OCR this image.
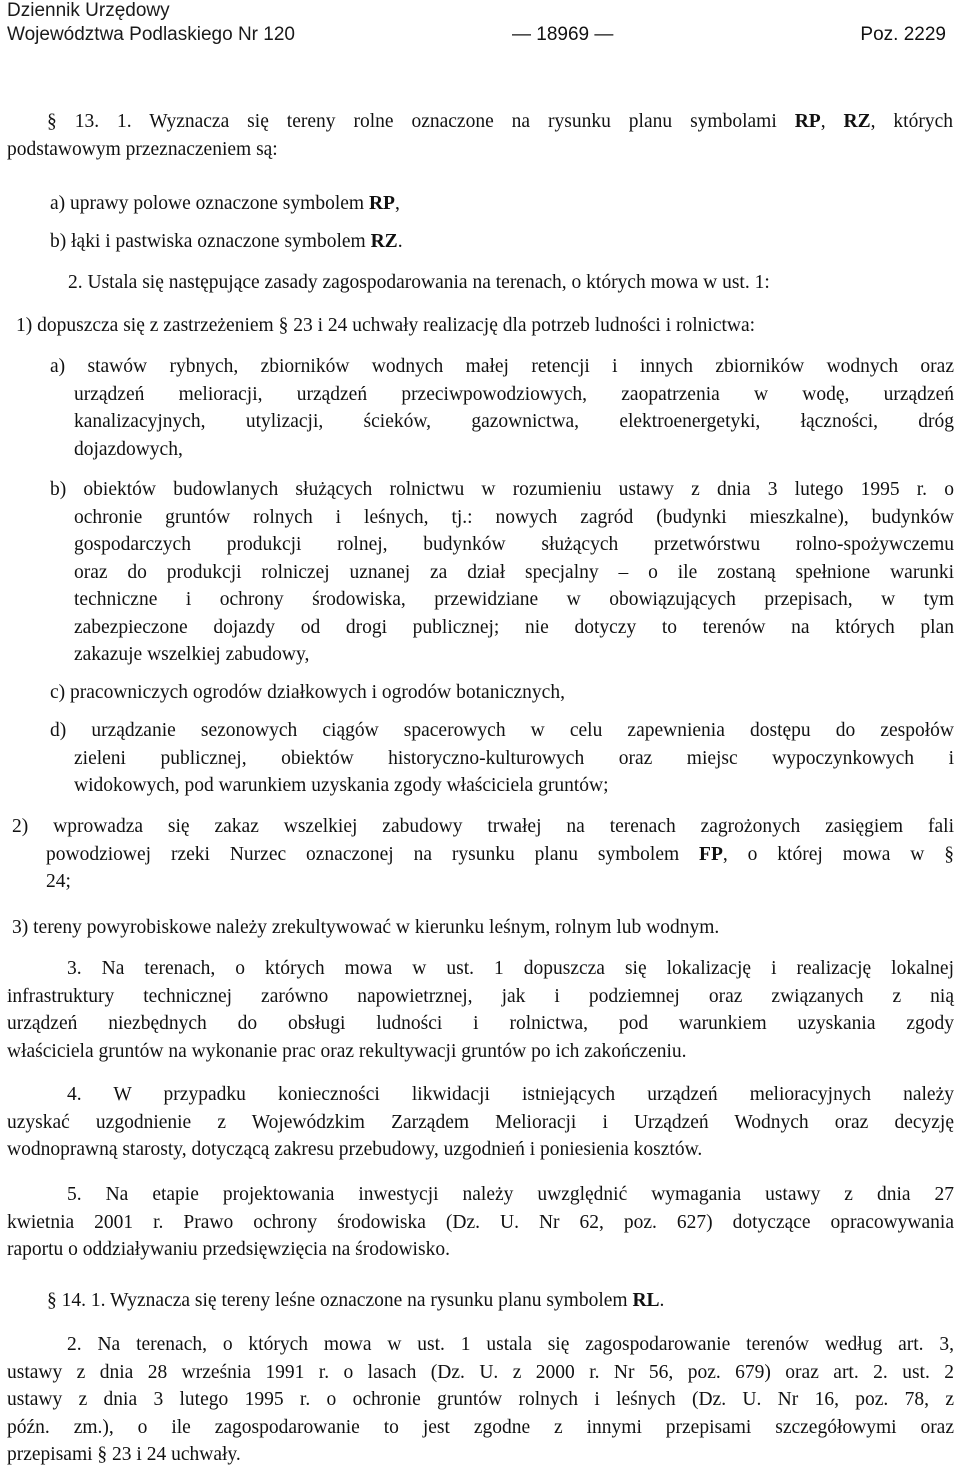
Dziennik Urzędowy
Województwa Podlaskiego Nr 120	— 18969 —	Poz. 2229
§ 13. 1. Wyznacza się tereny rolne oznaczone na rysunku planu symbolami RP, RZ, których
podstawowym przeznaczeniem są:
a) uprawy polowe oznaczone symbolem RP,
b) łąki i pastwiska oznaczone symbolem RZ.
2. Ustala się następujące zasady zagospodarowania na terenach, o których mowa w ust. 1:
1) dopuszcza się z zastrzeżeniem § 23 i 24 uchwały realizację dla potrzeb ludności i rolnictwa:
a) stawów rybnych, zbiorników wodnych małej retencji i innych zbiorników wodnych oraz
urządzeń melioracji, urządzeń przeciwpowodziowych, zaopatrzenia w wodę, urządzeń
kanalizacyjnych, utylizacji, ścieków, gazownictwa, elektroenergetyki, łączności, dróg
dojazdowych,
b) obiektów budowlanych służących rolnictwu w rozumieniu ustawy z dnia 3 lutego 1995 r. o
ochronie gruntów rolnych i leśnych, tj.: nowych zagród (budynki mieszkalne), budynków
gospodarczych produkcji rolnej, budynków służących przetwórstwu rolno-spożywczemu
oraz do produkcji rolniczej uznanej za dział specjalny – o ile zostaną spełnione warunki
techniczne i ochrony środowiska, przewidziane w obowiązujących przepisach, w tym
zabezpieczone dojazdy od drogi publicznej; nie dotyczy to terenów na których plan
zakazuje wszelkiej zabudowy,
c) pracowniczych ogrodów działkowych i ogrodów botanicznych,
d) urządzanie sezonowych ciągów spacerowych w celu zapewnienia dostępu do zespołów
zieleni publicznej, obiektów historyczno-kulturowych oraz miejsc wypoczynkowych i
widokowych, pod warunkiem uzyskania zgody właściciela gruntów;
2) wprowadza się zakaz wszelkiej zabudowy trwałej na terenach zagrożonych zasięgiem fali
powodziowej rzeki Nurzec oznaczonej na rysunku planu symbolem FP, o której mowa w §
24;
3) tereny powyrobiskowe należy zrekultywować w kierunku leśnym, rolnym lub wodnym.
3. Na terenach, o których mowa w ust. 1 dopuszcza się lokalizację i realizację lokalnej
infrastruktury technicznej zarówno napowietrznej, jak i podziemnej oraz związanych z nią
urządzeń niezbędnych do obsługi ludności i rolnictwa, pod warunkiem uzyskania zgody
właściciela gruntów na wykonanie prac oraz rekultywacji gruntów po ich zakończeniu.
4. W przypadku konieczności likwidacji istniejących urządzeń melioracyjnych należy
uzyskać uzgodnienie z Wojewódzkim Zarządem Melioracji i Urządzeń Wodnych oraz decyzję
wodnoprawną starosty, dotyczącą zakresu przebudowy, uzgodnień i poniesienia kosztów.
5. Na etapie projektowania inwestycji należy uwzględnić wymagania ustawy z dnia 27
kwietnia 2001 r. Prawo ochrony środowiska (Dz. U. Nr 62, poz. 627) dotyczące opracowywania
raportu o oddziaływaniu przedsięwzięcia na środowisko.
§ 14. 1. Wyznacza się tereny leśne oznaczone na rysunku planu symbolem RL.
2. Na terenach, o których mowa w ust. 1 ustala się zagospodarowanie terenów według art. 3,
ustawy z dnia 28 września 1991 r. o lasach (Dz. U. z 2000 r. Nr 56, poz. 679) oraz art. 2. ust. 2
ustawy z dnia 3 lutego 1995 r. o ochronie gruntów rolnych i leśnych (Dz. U. Nr 16, poz. 78, z
późn. zm.), o ile zagospodarowanie to jest zgodne z innymi przepisami szczegółowymi oraz
przepisami § 23 i 24 uchwały.
